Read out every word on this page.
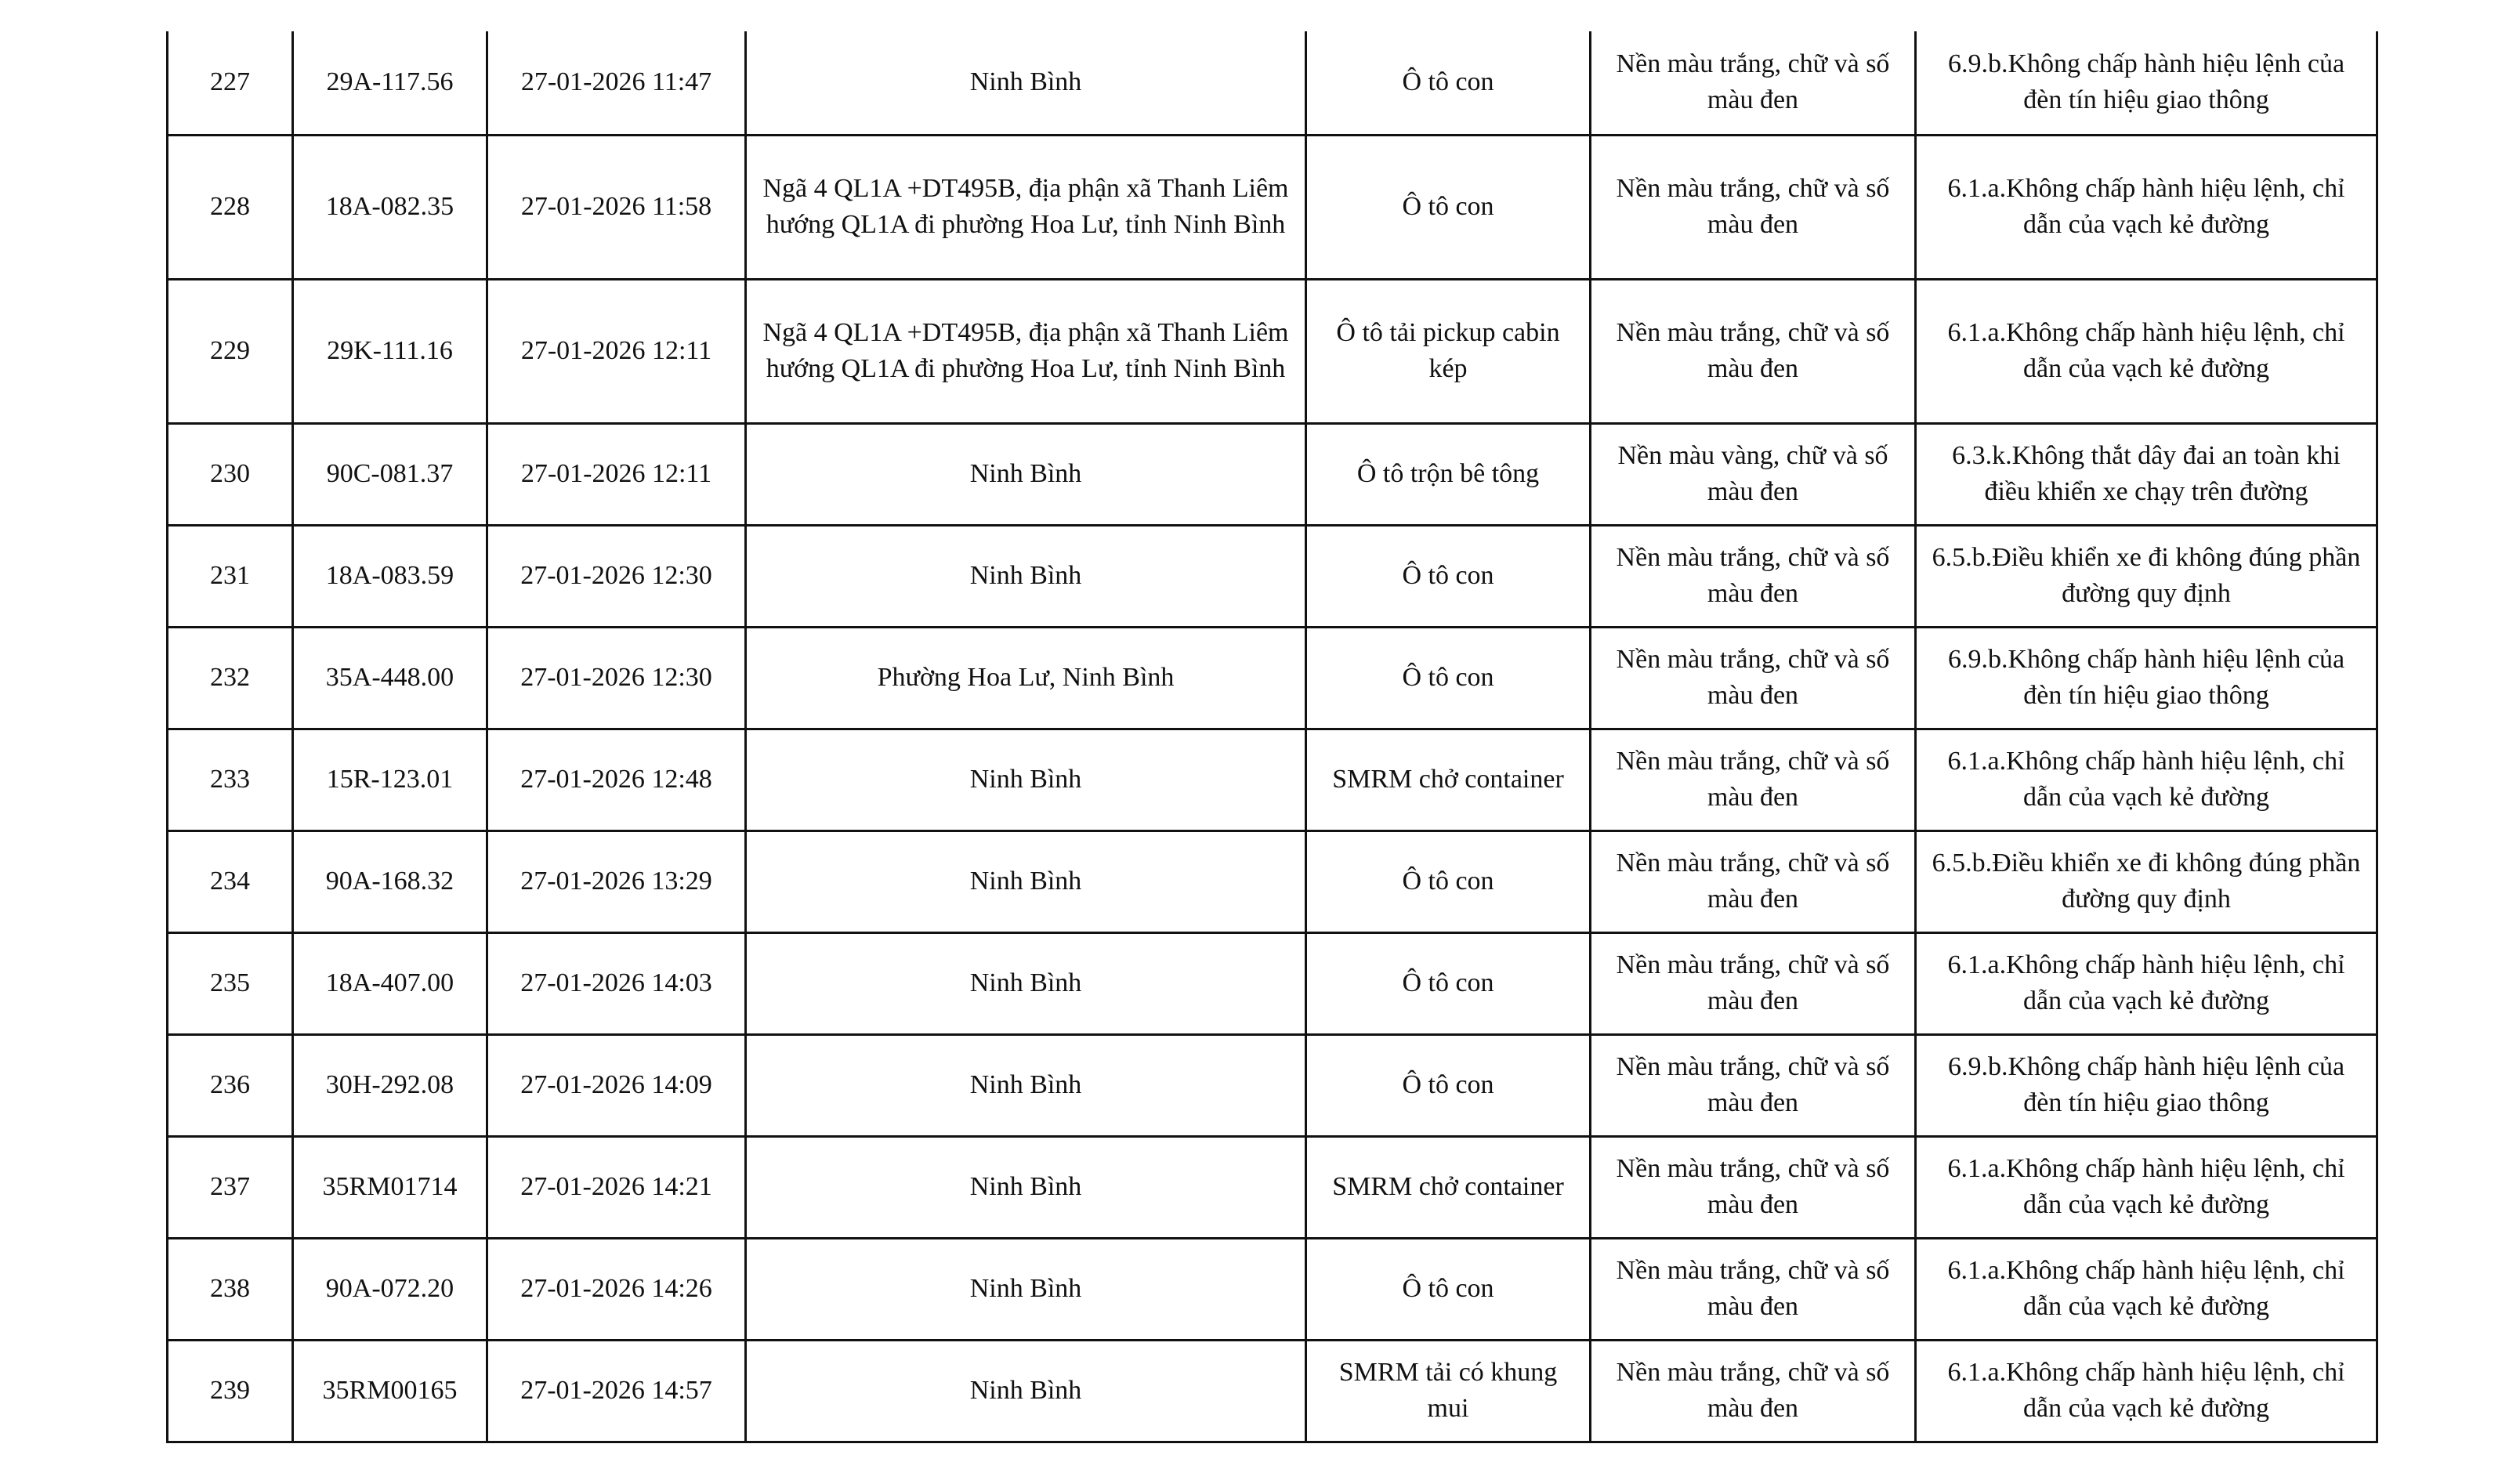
227	29A-117.56	27-01-2026 11:47	Ninh Bình	Ô tô con	Nền màu trắng, chữ và số màu đen	6.9.b.Không chấp hành hiệu lệnh của đèn tín hiệu giao thông
228	18A-082.35	27-01-2026 11:58	Ngã 4 QL1A +DT495B, địa phận xã Thanh Liêm hướng QL1A đi phường Hoa Lư, tỉnh Ninh Bình	Ô tô con	Nền màu trắng, chữ và số màu đen	6.1.a.Không chấp hành hiệu lệnh, chỉ dẫn của vạch kẻ đường
229	29K-111.16	27-01-2026 12:11	Ngã 4 QL1A +DT495B, địa phận xã Thanh Liêm hướng QL1A đi phường Hoa Lư, tỉnh Ninh Bình	Ô tô tải pickup cabin kép	Nền màu trắng, chữ và số màu đen	6.1.a.Không chấp hành hiệu lệnh, chỉ dẫn của vạch kẻ đường
230	90C-081.37	27-01-2026 12:11	Ninh Bình	Ô tô trộn bê tông	Nền màu vàng, chữ và số màu đen	6.3.k.Không thắt dây đai an toàn khi điều khiển xe chạy trên đường
231	18A-083.59	27-01-2026 12:30	Ninh Bình	Ô tô con	Nền màu trắng, chữ và số màu đen	6.5.b.Điều khiển xe đi không đúng phần đường quy định
232	35A-448.00	27-01-2026 12:30	Phường Hoa Lư, Ninh Bình	Ô tô con	Nền màu trắng, chữ và số màu đen	6.9.b.Không chấp hành hiệu lệnh của đèn tín hiệu giao thông
233	15R-123.01	27-01-2026 12:48	Ninh Bình	SMRM chở container	Nền màu trắng, chữ và số màu đen	6.1.a.Không chấp hành hiệu lệnh, chỉ dẫn của vạch kẻ đường
234	90A-168.32	27-01-2026 13:29	Ninh Bình	Ô tô con	Nền màu trắng, chữ và số màu đen	6.5.b.Điều khiển xe đi không đúng phần đường quy định
235	18A-407.00	27-01-2026 14:03	Ninh Bình	Ô tô con	Nền màu trắng, chữ và số màu đen	6.1.a.Không chấp hành hiệu lệnh, chỉ dẫn của vạch kẻ đường
236	30H-292.08	27-01-2026 14:09	Ninh Bình	Ô tô con	Nền màu trắng, chữ và số màu đen	6.9.b.Không chấp hành hiệu lệnh của đèn tín hiệu giao thông
237	35RM01714	27-01-2026 14:21	Ninh Bình	SMRM chở container	Nền màu trắng, chữ và số màu đen	6.1.a.Không chấp hành hiệu lệnh, chỉ dẫn của vạch kẻ đường
238	90A-072.20	27-01-2026 14:26	Ninh Bình	Ô tô con	Nền màu trắng, chữ và số màu đen	6.1.a.Không chấp hành hiệu lệnh, chỉ dẫn của vạch kẻ đường
239	35RM00165	27-01-2026 14:57	Ninh Bình	SMRM tải có khung mui	Nền màu trắng, chữ và số màu đen	6.1.a.Không chấp hành hiệu lệnh, chỉ dẫn của vạch kẻ đường
